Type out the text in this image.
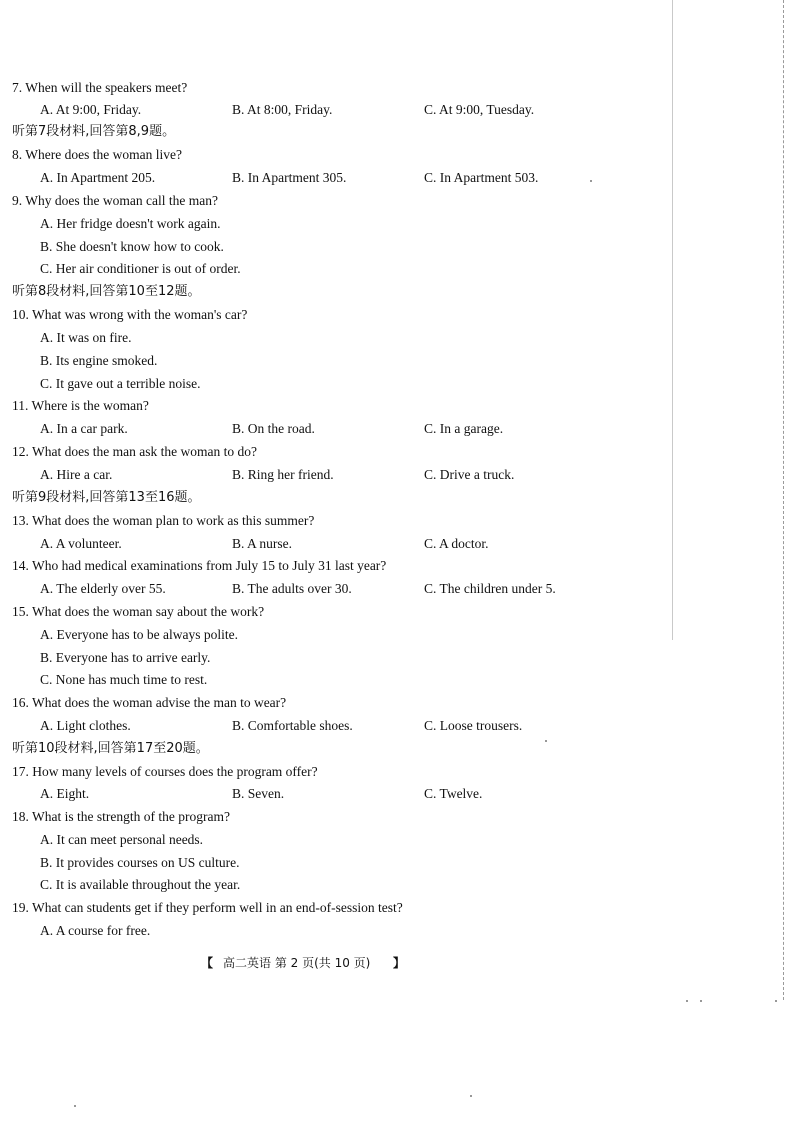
7. When will the speakers meet?
A. At 9:00, Friday.	B. At 8:00, Friday.	C. At 9:00, Tuesday.
听第7段材料,回答第8,9题。
8. Where does the woman live?
A. In Apartment 205.	B. In Apartment 305.	C. In Apartment 503.
9. Why does the woman call the man?
A. Her fridge doesn't work again.
B. She doesn't know how to cook.
C. Her air conditioner is out of order.
听第8段材料,回答第10至12题。
10. What was wrong with the woman's car?
A. It was on fire.
B. Its engine smoked.
C. It gave out a terrible noise.
11. Where is the woman?
A. In a car park.	B. On the road.	C. In a garage.
12. What does the man ask the woman to do?
A. Hire a car.	B. Ring her friend.	C. Drive a truck.
听第9段材料,回答第13至16题。
13. What does the woman plan to work as this summer?
A. A volunteer.	B. A nurse.	C. A doctor.
14. Who had medical examinations from July 15 to July 31 last year?
A. The elderly over 55.	B. The adults over 30.	C. The children under 5.
15. What does the woman say about the work?
A. Everyone has to be always polite.
B. Everyone has to arrive early.
C. None has much time to rest.
16. What does the woman advise the man to wear?
A. Light clothes.	B. Comfortable shoes.	C. Loose trousers.
听第10段材料,回答第17至20题。
17. How many levels of courses does the program offer?
A. Eight.	B. Seven.	C. Twelve.
18. What is the strength of the program?
A. It can meet personal needs.
B. It provides courses on US culture.
C. It is available throughout the year.
19. What can students get if they perform well in an end-of-session test?
A. A course for free.
【 高二英语 第 2 页(共 10 页) 】
